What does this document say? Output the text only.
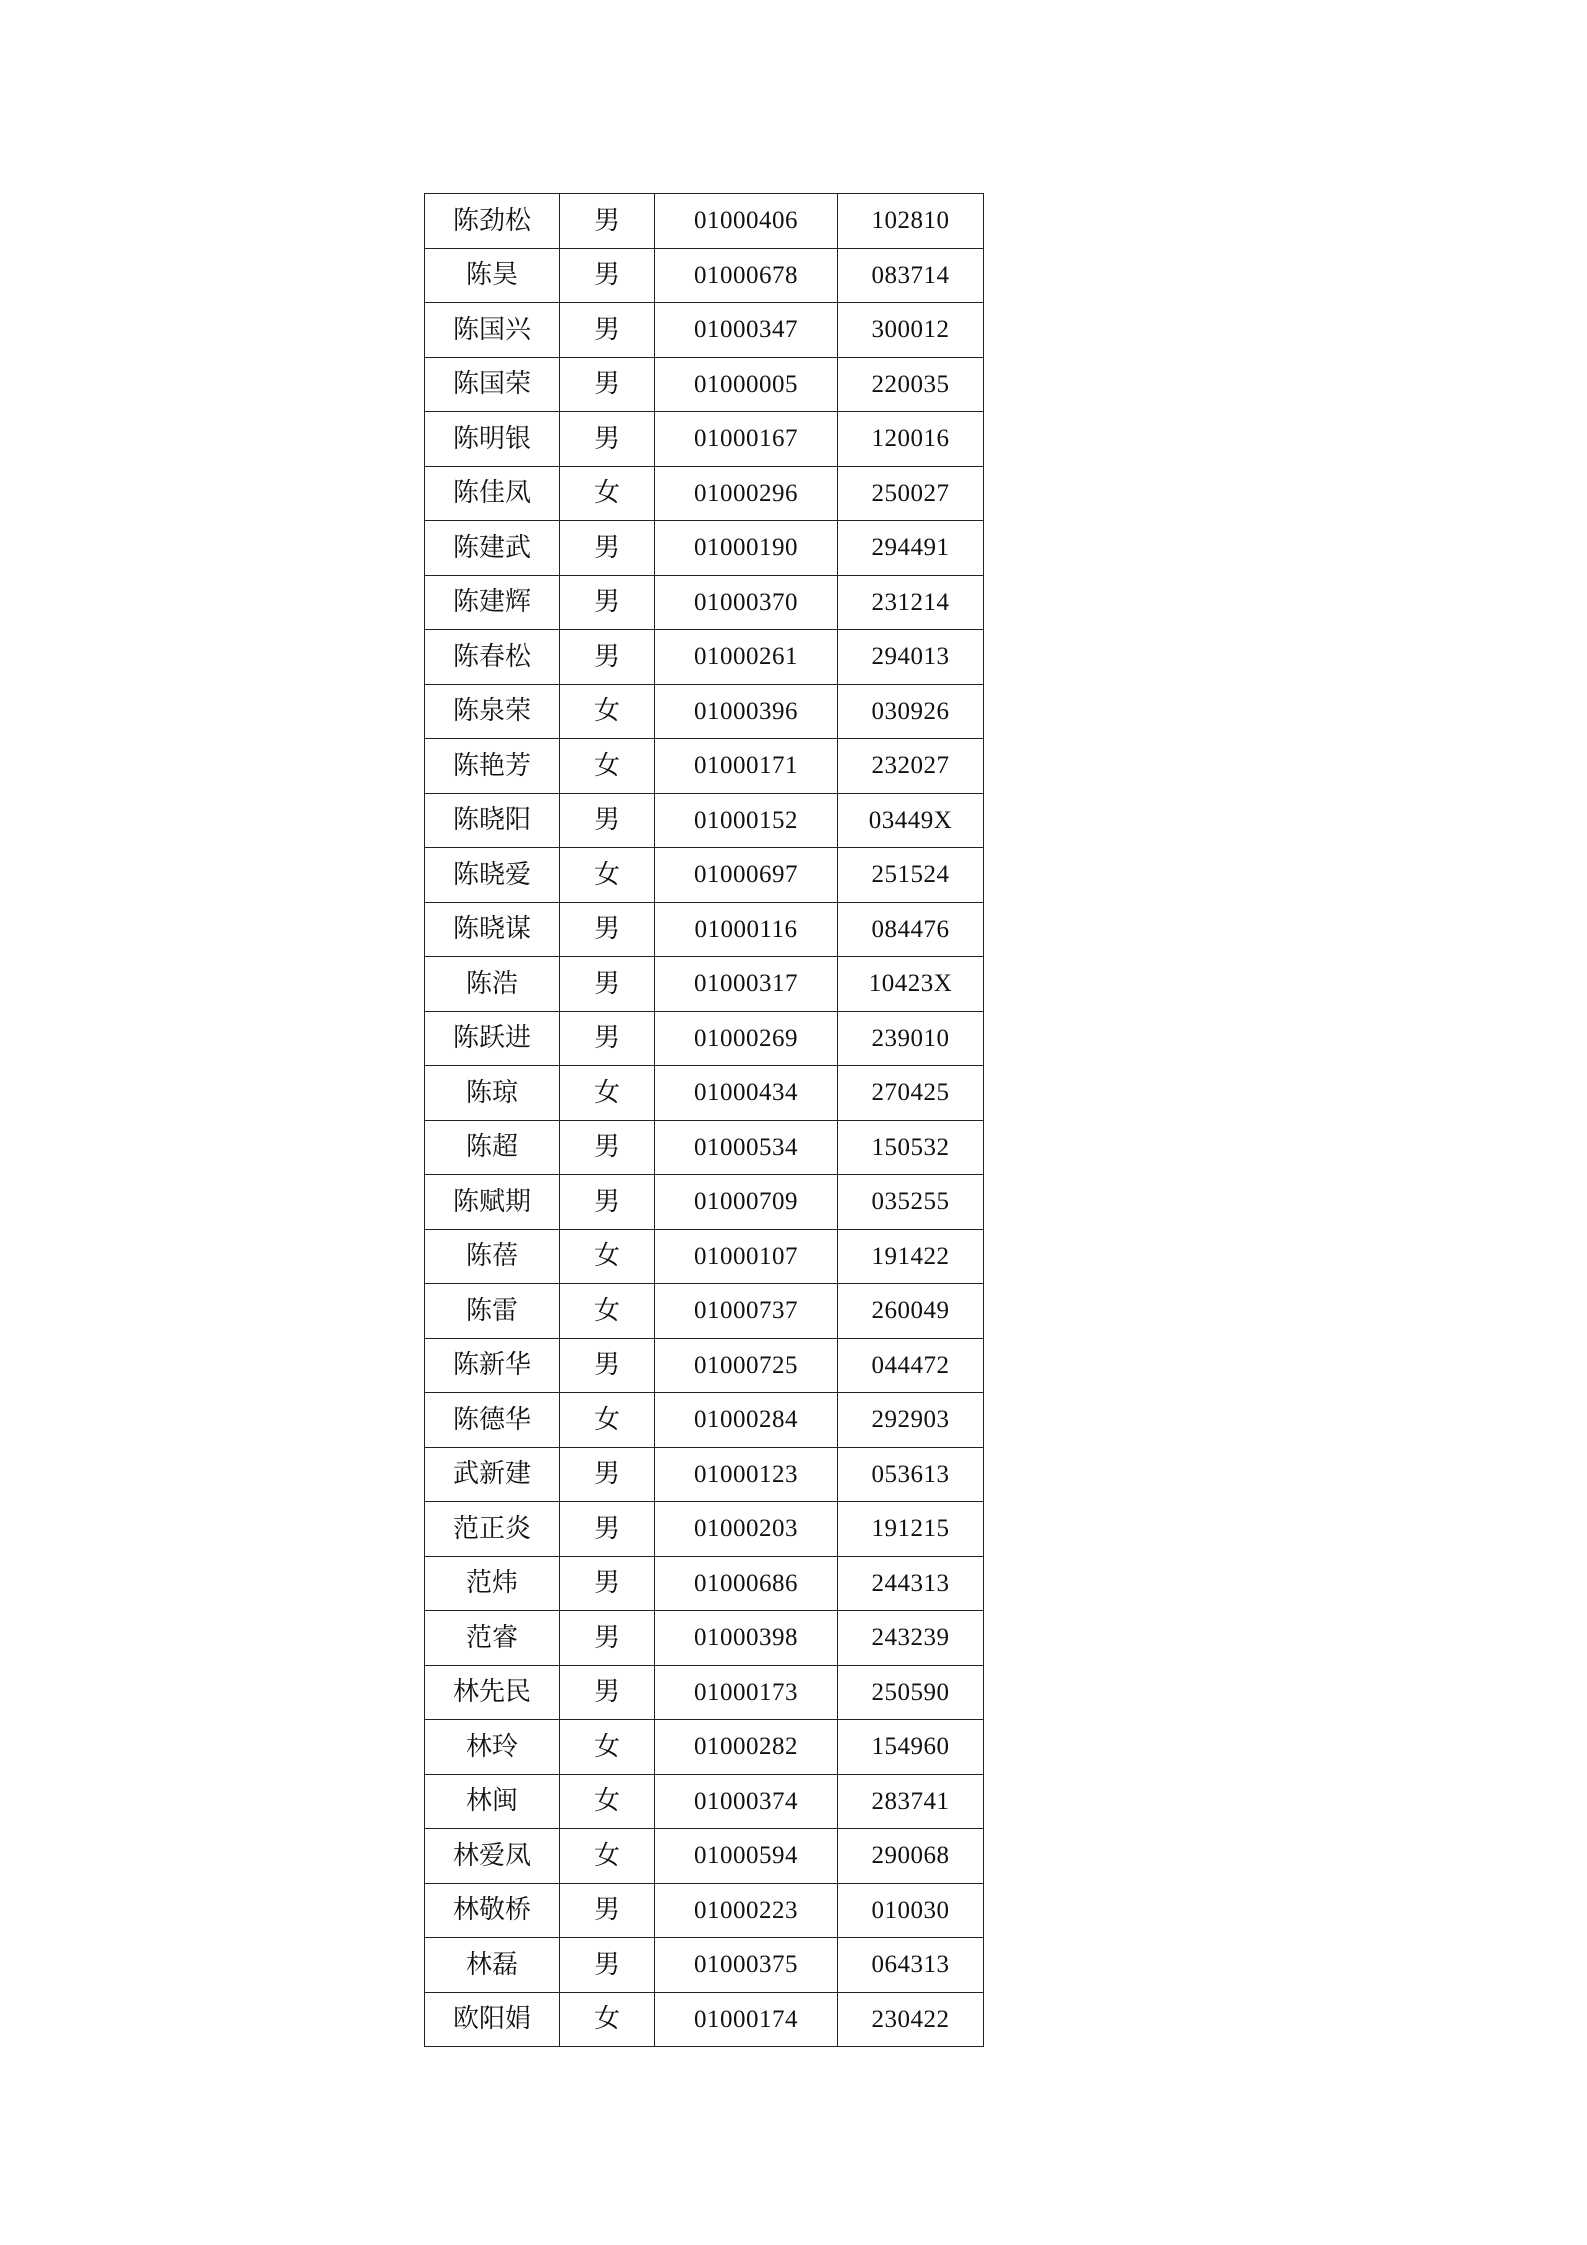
陈劲松	男	01000406	102810
陈昊	男	01000678	083714
陈国兴	男	01000347	300012
陈国荣	男	01000005	220035
陈明银	男	01000167	120016
陈佳凤	女	01000296	250027
陈建武	男	01000190	294491
陈建辉	男	01000370	231214
陈春松	男	01000261	294013
陈泉荣	女	01000396	030926
陈艳芳	女	01000171	232027
陈晓阳	男	01000152	03449X
陈晓爱	女	01000697	251524
陈晓谋	男	01000116	084476
陈浩	男	01000317	10423X
陈跃进	男	01000269	239010
陈琼	女	01000434	270425
陈超	男	01000534	150532
陈赋期	男	01000709	035255
陈蓓	女	01000107	191422
陈雷	女	01000737	260049
陈新华	男	01000725	044472
陈德华	女	01000284	292903
武新建	男	01000123	053613
范正炎	男	01000203	191215
范炜	男	01000686	244313
范睿	男	01000398	243239
林先民	男	01000173	250590
林玲	女	01000282	154960
林闽	女	01000374	283741
林爱凤	女	01000594	290068
林敬桥	男	01000223	010030
林磊	男	01000375	064313
欧阳娟	女	01000174	230422
